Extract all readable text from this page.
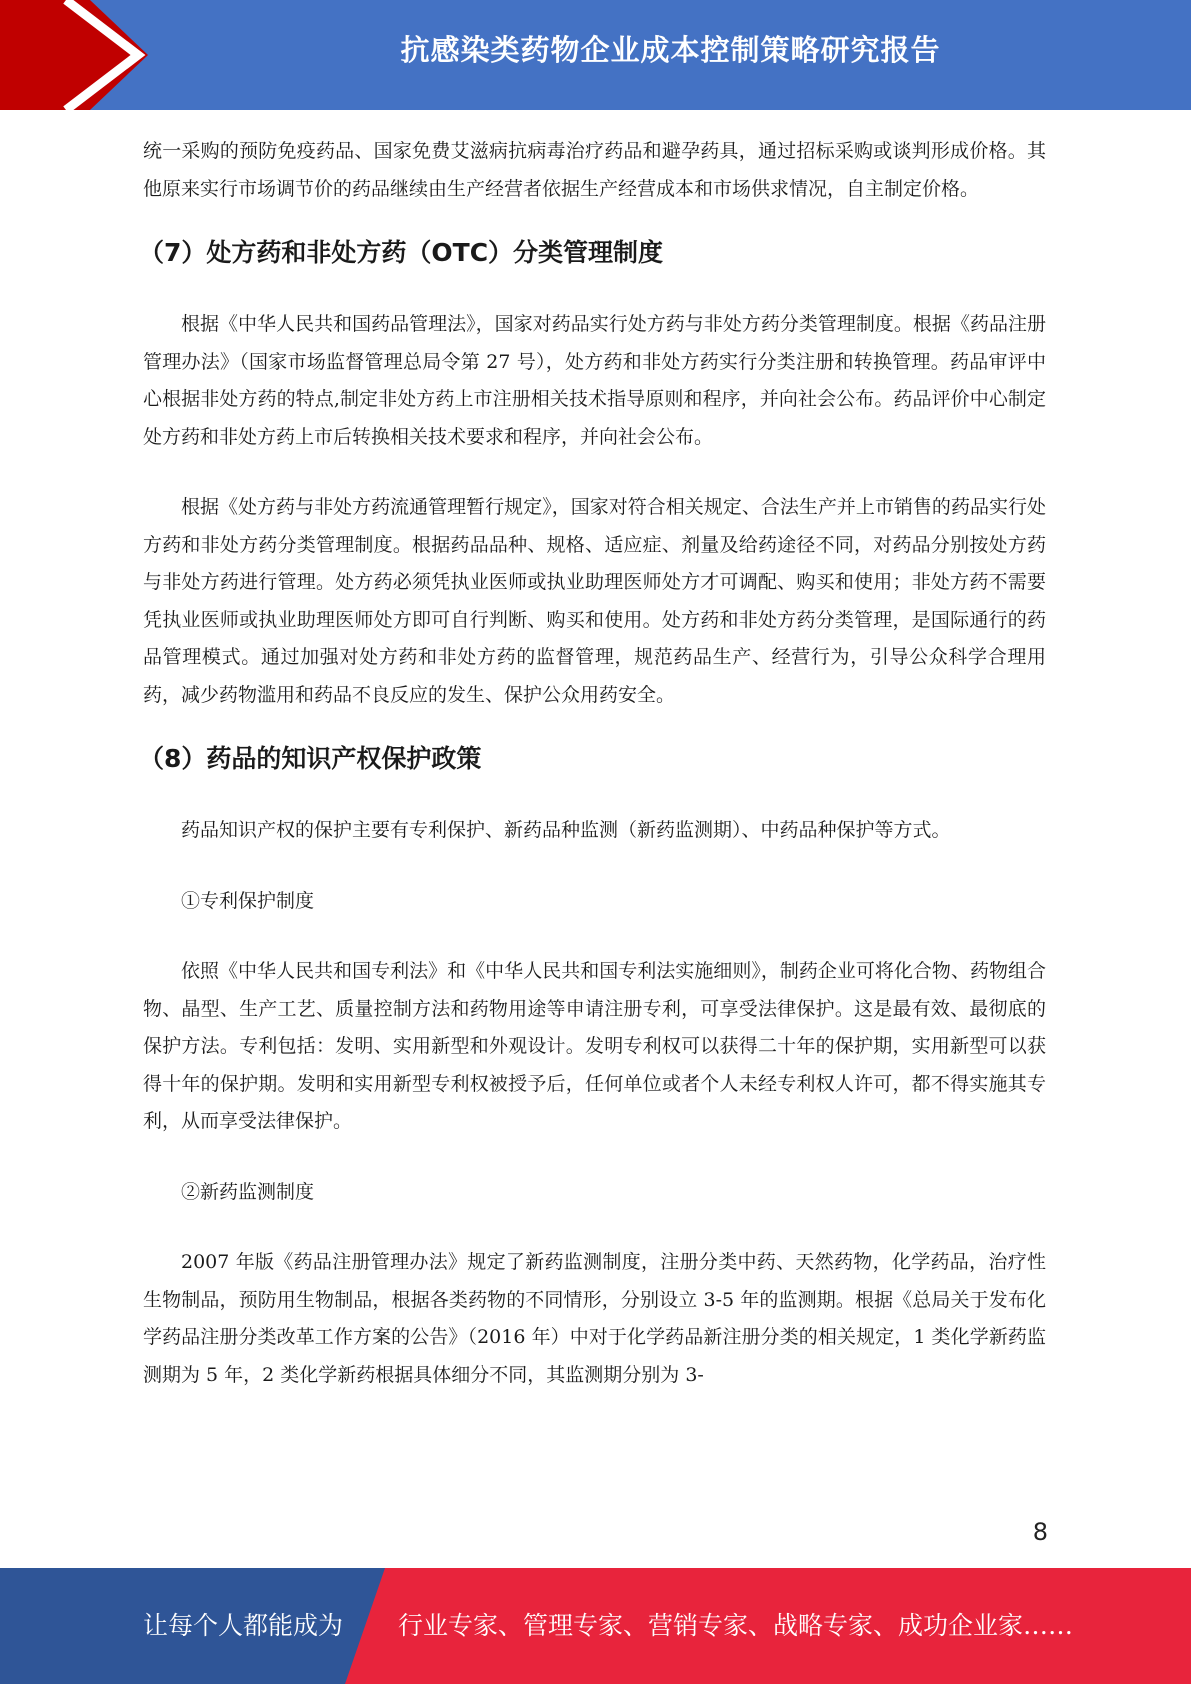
抗感染类药物企业成本控制策略研究报告

统一采购的预防免疫药品、国家免费艾滋病抗病毒治疗药品和避孕药具，通过招标采购或谈判形成价格。其他原来实行市场调节价的药品继续由生产经营者依据生产经营成本和市场供求情况，自主制定价格。

（7）处方药和非处方药（OTC）分类管理制度

根据《中华人民共和国药品管理法》，国家对药品实行处方药与非处方药分类管理制度。根据《药品注册管理办法》（国家市场监督管理总局令第 27 号），处方药和非处方药实行分类注册和转换管理。药品审评中心根据非处方药的特点,制定非处方药上市注册相关技术指导原则和程序，并向社会公布。药品评价中心制定处方药和非处方药上市后转换相关技术要求和程序，并向社会公布。

根据《处方药与非处方药流通管理暂行规定》，国家对符合相关规定、合法生产并上市销售的药品实行处方药和非处方药分类管理制度。根据药品品种、规格、适应症、剂量及给药途径不同，对药品分别按处方药与非处方药进行管理。处方药必须凭执业医师或执业助理医师处方才可调配、购买和使用；非处方药不需要凭执业医师或执业助理医师处方即可自行判断、购买和使用。处方药和非处方药分类管理，是国际通行的药品管理模式。通过加强对处方药和非处方药的监督管理，规范药品生产、经营行为，引导公众科学合理用药，减少药物滥用和药品不良反应的发生、保护公众用药安全。

（8）药品的知识产权保护政策

药品知识产权的保护主要有专利保护、新药品种监测（新药监测期）、中药品种保护等方式。

①专利保护制度

依照《中华人民共和国专利法》和《中华人民共和国专利法实施细则》，制药企业可将化合物、药物组合物、晶型、生产工艺、质量控制方法和药物用途等申请注册专利，可享受法律保护。这是最有效、最彻底的保护方法。专利包括：发明、实用新型和外观设计。发明专利权可以获得二十年的保护期，实用新型可以获得十年的保护期。发明和实用新型专利权被授予后，任何单位或者个人未经专利权人许可，都不得实施其专利，从而享受法律保护。

②新药监测制度

2007 年版《药品注册管理办法》规定了新药监测制度，注册分类中药、天然药物，化学药品，治疗性生物制品，预防用生物制品，根据各类药物的不同情形，分别设立 3-5 年的监测期。根据《总局关于发布化学药品注册分类改革工作方案的公告》（2016 年）中对于化学药品新注册分类的相关规定，1 类化学新药监测期为 5 年，2 类化学新药根据具体细分不同，其监测期分别为 3-

8
让每个人都能成为 行业专家、管理专家、营销专家、战略专家、成功企业家……
